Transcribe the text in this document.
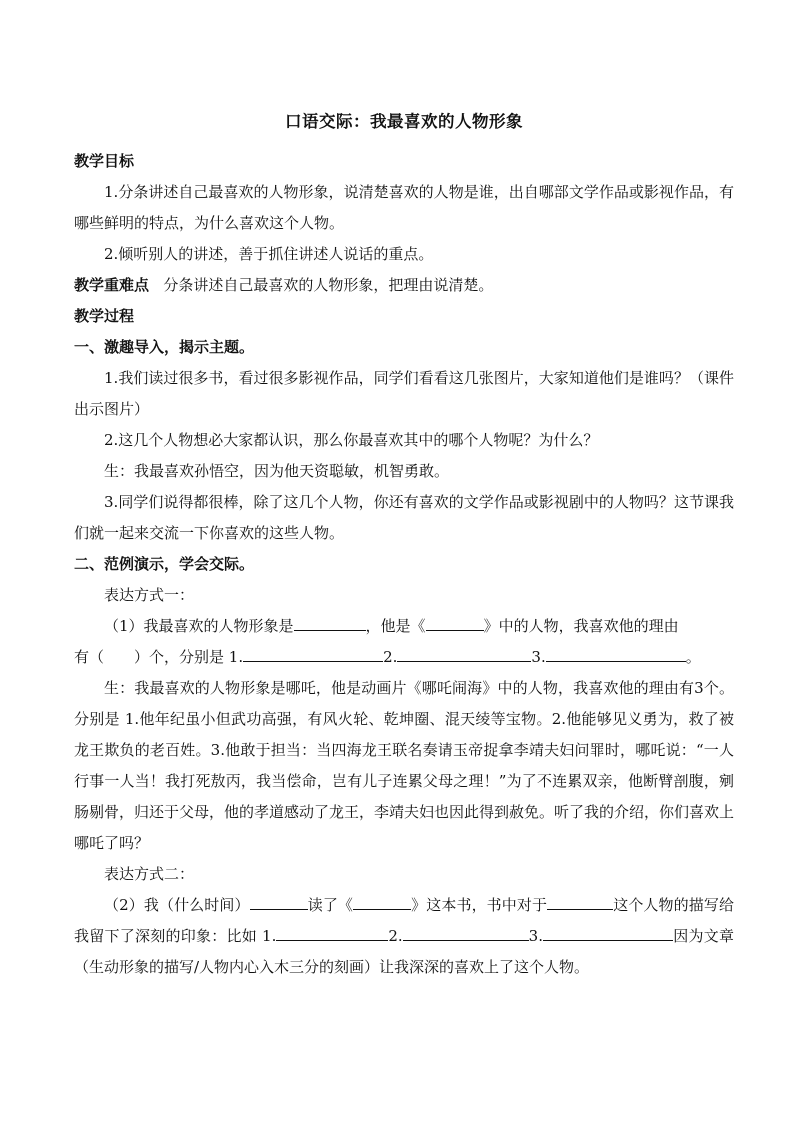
口语交际：我最喜欢的人物形象

教学目标

1.分条讲述自己最喜欢的人物形象，说清楚喜欢的人物是谁，出自哪部文学作品或影视作品，有哪些鲜明的特点，为什么喜欢这个人物。

2.倾听别人的讲述，善于抓住讲述人说话的重点。

教学重难点 分条讲述自己最喜欢的人物形象，把理由说清楚。

教学过程

一、激趣导入，揭示主题。

1.我们读过很多书，看过很多影视作品，同学们看看这几张图片，大家知道他们是谁吗？（课件出示图片）

2.这几个人物想必大家都认识，那么你最喜欢其中的哪个人物呢？为什么？

生：我最喜欢孙悟空，因为他天资聪敏，机智勇敢。

3.同学们说得都很棒，除了这几个人物，你还有喜欢的文学作品或影视剧中的人物吗？这节课我们就一起来交流一下你喜欢的这些人物。

二、范例演示，学会交际。

表达方式一：

（1）我最喜欢的人物形象是	，他是《	》中的人物，我喜欢他的理由

有（　　）个，分别是 1.	2.	3.	。

生：我最喜欢的人物形象是哪吒，他是动画片《哪吒闹海》中的人物，我喜欢他的理由有3个。分别是 1.他年纪虽小但武功高强，有风火轮、乾坤圈、混天绫等宝物。2.他能够见义勇为，救了被龙王欺负的老百姓。3.他敢于担当：当四海龙王联名奏请玉帝捉拿李靖夫妇问罪时，哪吒说：“一人行事一人当！我打死敖丙，我当偿命，岂有儿子连累父母之理！”为了不连累双亲，他断臂剖腹，剜肠剔骨，归还于父母，他的孝道感动了龙王，李靖夫妇也因此得到赦免。听了我的介绍，你们喜欢上哪吒了吗？

表达方式二：

（2）我（什么时间）	读了《	》这本书，书中对于	这个人物的描写给我留下了深刻的印象：比如 1.	2.	3.	因为文章（生动形象的描写/人物内心入木三分的刻画）让我深深的喜欢上了这个人物。
